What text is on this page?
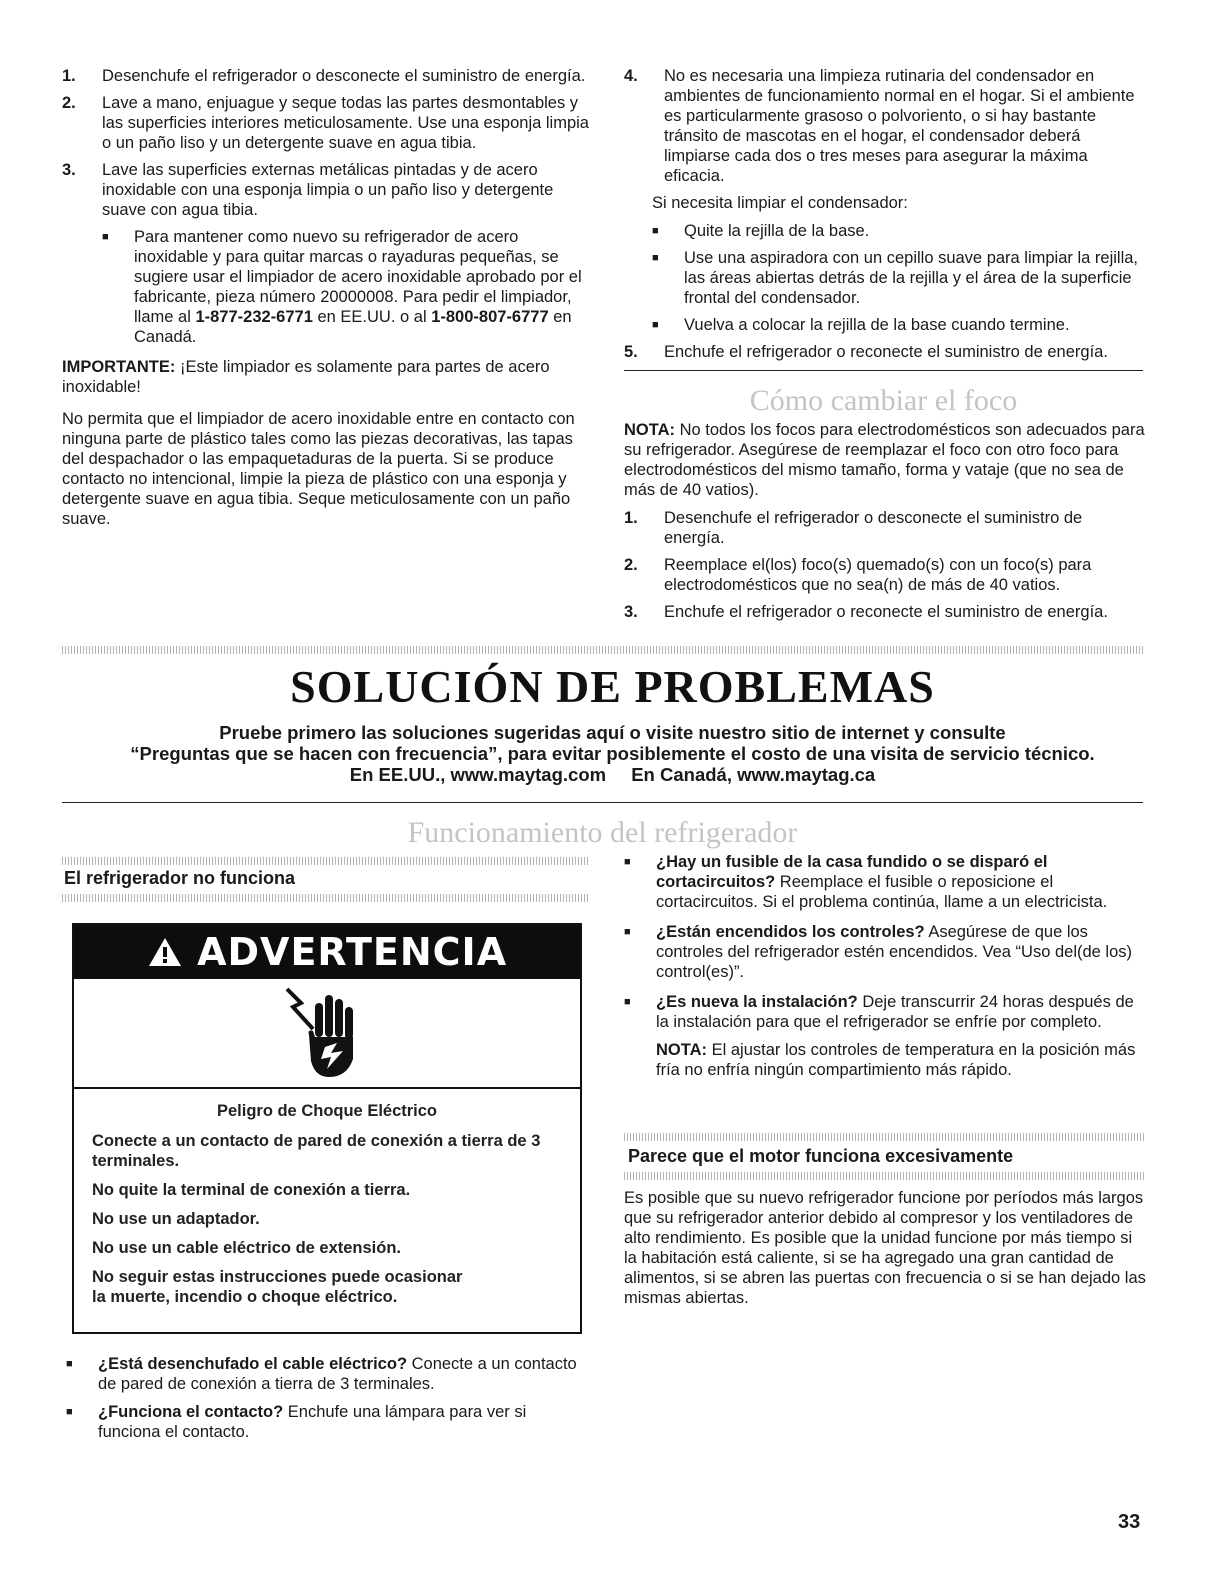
1. Desenchufe el refrigerador o desconecte el suministro de energía.
2. Lave a mano, enjuague y seque todas las partes desmontables y las superficies interiores meticulosamente. Use una esponja limpia o un paño liso y un detergente suave en agua tibia.
3. Lave las superficies externas metálicas pintadas y de acero inoxidable con una esponja limpia o un paño liso y detergente suave con agua tibia.
■ Para mantener como nuevo su refrigerador de acero inoxidable y para quitar marcas o rayaduras pequeñas, se sugiere usar el limpiador de acero inoxidable aprobado por el fabricante, pieza número 20000008. Para pedir el limpiador, llame al 1-877-232-6771 en EE.UU. o al 1-800-807-6777 en Canadá.

IMPORTANTE: ¡Este limpiador es solamente para partes de acero inoxidable!

No permita que el limpiador de acero inoxidable entre en contacto con ninguna parte de plástico tales como las piezas decorativas, las tapas del despachador o las empaquetaduras de la puerta. Si se produce contacto no intencional, limpie la pieza de plástico con una esponja y detergente suave en agua tibia. Seque meticulosamente con un paño suave.

4. No es necesaria una limpieza rutinaria del condensador en ambientes de funcionamiento normal en el hogar. Si el ambiente es particularmente grasoso o polvoriento, o si hay bastante tránsito de mascotas en el hogar, el condensador deberá limpiarse cada dos o tres meses para asegurar la máxima eficacia.

Si necesita limpiar el condensador:

■ Quite la rejilla de la base.
■ Use una aspiradora con un cepillo suave para limpiar la rejilla, las áreas abiertas detrás de la rejilla y el área de la superficie frontal del condensador.
■ Vuelva a colocar la rejilla de la base cuando termine.
5. Enchufe el refrigerador o reconecte el suministro de energía.
Cómo cambiar el foco

NOTA: No todos los focos para electrodomésticos son adecuados para su refrigerador. Asegúrese de reemplazar el foco con otro foco para electrodomésticos del mismo tamaño, forma y vataje (que no sea de más de 40 vatios).

1. Desenchufe el refrigerador o desconecte el suministro de energía.
2. Reemplace el(los) foco(s) quemado(s) con un foco(s) para electrodomésticos que no sea(n) de más de 40 vatios.
3. Enchufe el refrigerador o reconecte el suministro de energía.
SOLUCIÓN DE PROBLEMAS
Pruebe primero las soluciones sugeridas aquí o visite nuestro sitio de internet y consulte
“Preguntas que se hacen con frecuencia”, para evitar posiblemente el costo de una visita de servicio técnico.
En EE.UU., www.maytag.com En Canadá, www.maytag.ca
Funcionamiento del refrigerador
El refrigerador no funciona
ADVERTENCIA
Peligro de Choque Eléctrico

Conecte a un contacto de pared de conexión a tierra de 3 terminales.

No quite la terminal de conexión a tierra.

No use un adaptador.

No use un cable eléctrico de extensión.

No seguir estas instrucciones puede ocasionar
la muerte, incendio o choque eléctrico.

■ ¿Está desenchufado el cable eléctrico? Conecte a un contacto de pared de conexión a tierra de 3 terminales.
■ ¿Funciona el contacto? Enchufe una lámpara para ver si funciona el contacto.
■ ¿Hay un fusible de la casa fundido o se disparó el cortacircuitos? Reemplace el fusible o reposicione el cortacircuitos. Si el problema continúa, llame a un electricista.
■ ¿Están encendidos los controles? Asegúrese de que los controles del refrigerador estén encendidos. Vea “Uso del(de los) control(es)”.
■ ¿Es nueva la instalación? Deje transcurrir 24 horas después de la instalación para que el refrigerador se enfríe por completo.

NOTA: El ajustar los controles de temperatura en la posición más fría no enfría ningún compartimiento más rápido.

Parece que el motor funciona excesivamente

Es posible que su nuevo refrigerador funcione por períodos más largos que su refrigerador anterior debido al compresor y los ventiladores de alto rendimiento. Es posible que la unidad funcione por más tiempo si la habitación está caliente, si se ha agregado una gran cantidad de alimentos, si se abren las puertas con frecuencia o si se han dejado las mismas abiertas.

33
